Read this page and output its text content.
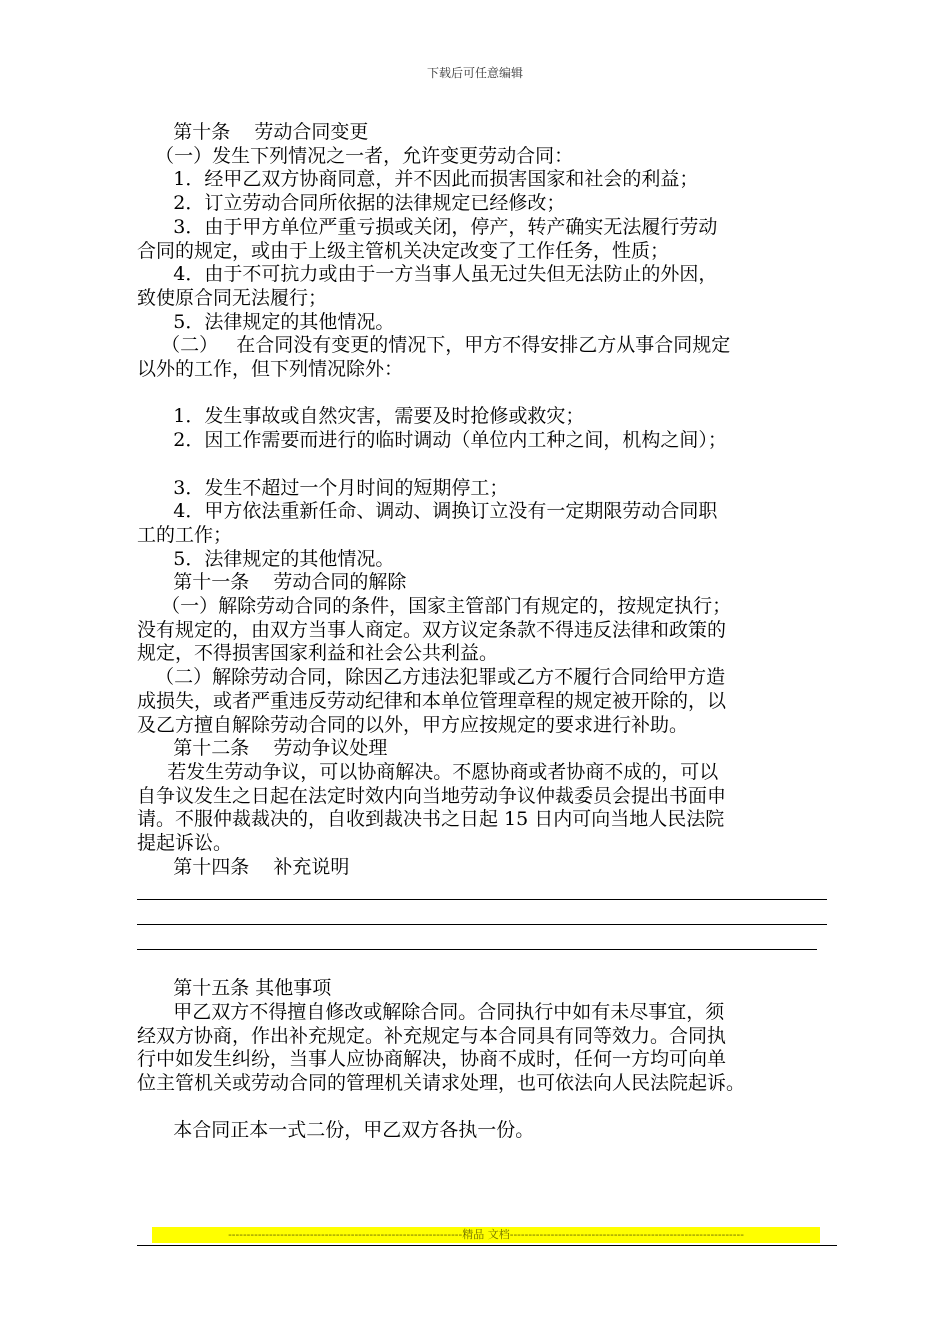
下载后可任意编辑

第十条    劳动合同变更

（一）发生下列情况之一者，允许变更劳动合同：

1．经甲乙双方协商同意，并不因此而损害国家和社会的利益；

2．订立劳动合同所依据的法律规定已经修改；

3．由于甲方单位严重亏损或关闭，停产，转产确实无法履行劳动

合同的规定，或由于上级主管机关决定改变了工作任务，性质；

4．由于不可抗力或由于一方当事人虽无过失但无法防止的外因，

致使原合同无法履行；

5．法律规定的其他情况。

（二）   在合同没有变更的情况下，甲方不得安排乙方从事合同规定

以外的工作，但下列情况除外：

1．发生事故或自然灾害，需要及时抢修或救灾；

2．因工作需要而进行的临时调动（单位内工种之间，机构之间）；

3．发生不超过一个月时间的短期停工；

4．甲方依法重新任命、调动、调换订立没有一定期限劳动合同职

工的工作；

5．法律规定的其他情况。

第十一条    劳动合同的解除

（一）解除劳动合同的条件，国家主管部门有规定的，按规定执行；

没有规定的，由双方当事人商定。双方议定条款不得违反法律和政策的

规定，不得损害国家利益和社会公共利益。

（二）解除劳动合同，除因乙方违法犯罪或乙方不履行合同给甲方造

成损失，或者严重违反劳动纪律和本单位管理章程的规定被开除的，以

及乙方擅自解除劳动合同的以外，甲方应按规定的要求进行补助。

第十二条    劳动争议处理

若发生劳动争议，可以协商解决。不愿协商或者协商不成的，可以

自争议发生之日起在法定时效内向当地劳动争议仲裁委员会提出书面申

请。不服仲裁裁决的，自收到裁决书之日起 15 日内可向当地人民法院

提起诉讼。

第十四条    补充说明

第十五条 其他事项

甲乙双方不得擅自修改或解除合同。合同执行中如有未尽事宜，须

经双方协商，作出补充规定。补充规定与本合同具有同等效力。合同执

行中如发生纠纷，当事人应协商解决，协商不成时，任何一方均可向单

位主管机关或劳动合同的管理机关请求处理，也可依法向人民法院起诉。

本合同正本一式二份，甲乙双方各执一份。

---------------------------------------------------------------精品 文档---------------------------------------------------------------
